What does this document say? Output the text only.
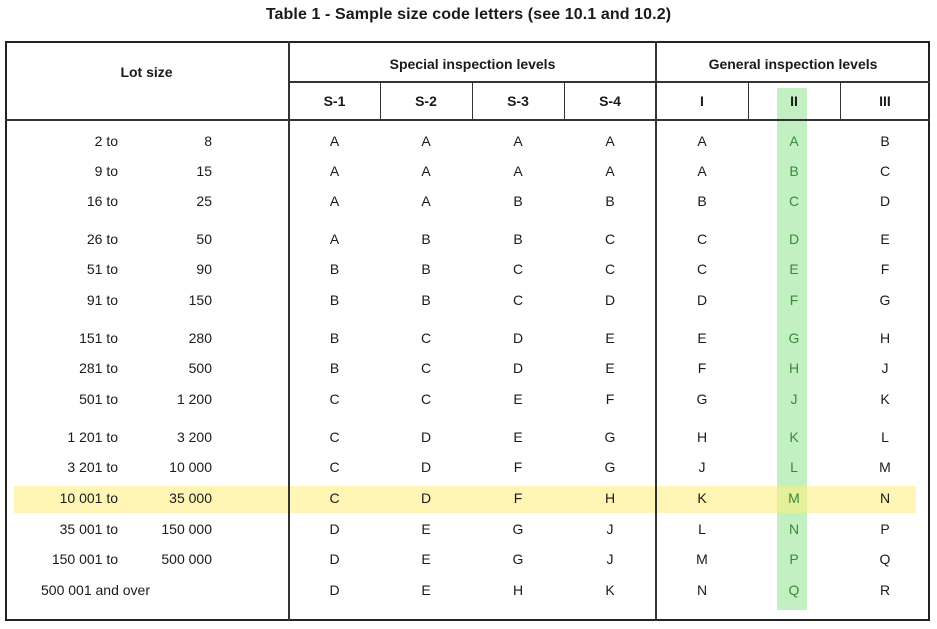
Table 1 - Sample size code letters (see 10.1 and 10.2)
Lot size	Special inspection levels	General inspection levels
S-1	S-2	S-3	S-4	I	II	III
2 to	8	A	A	A	A	A	A	B
9 to	15	A	A	A	A	A	B	C
16 to	25	A	A	B	B	B	C	D
26 to	50	A	B	B	C	C	D	E
51 to	90	B	B	C	C	C	E	F
91 to	150	B	B	C	D	D	F	G
151 to	280	B	C	D	E	E	G	H
281 to	500	B	C	D	E	F	H	J
501 to	1 200	C	C	E	F	G	J	K
1 201 to	3 200	C	D	E	G	H	K	L
3 201 to	10 000	C	D	F	G	J	L	M
10 001 to	35 000	C	D	F	H	K	M	N
35 001 to	150 000	D	E	G	J	L	N	P
150 001 to	500 000	D	E	G	J	M	P	Q
500 001 and over	D	E	H	K	N	Q	R
